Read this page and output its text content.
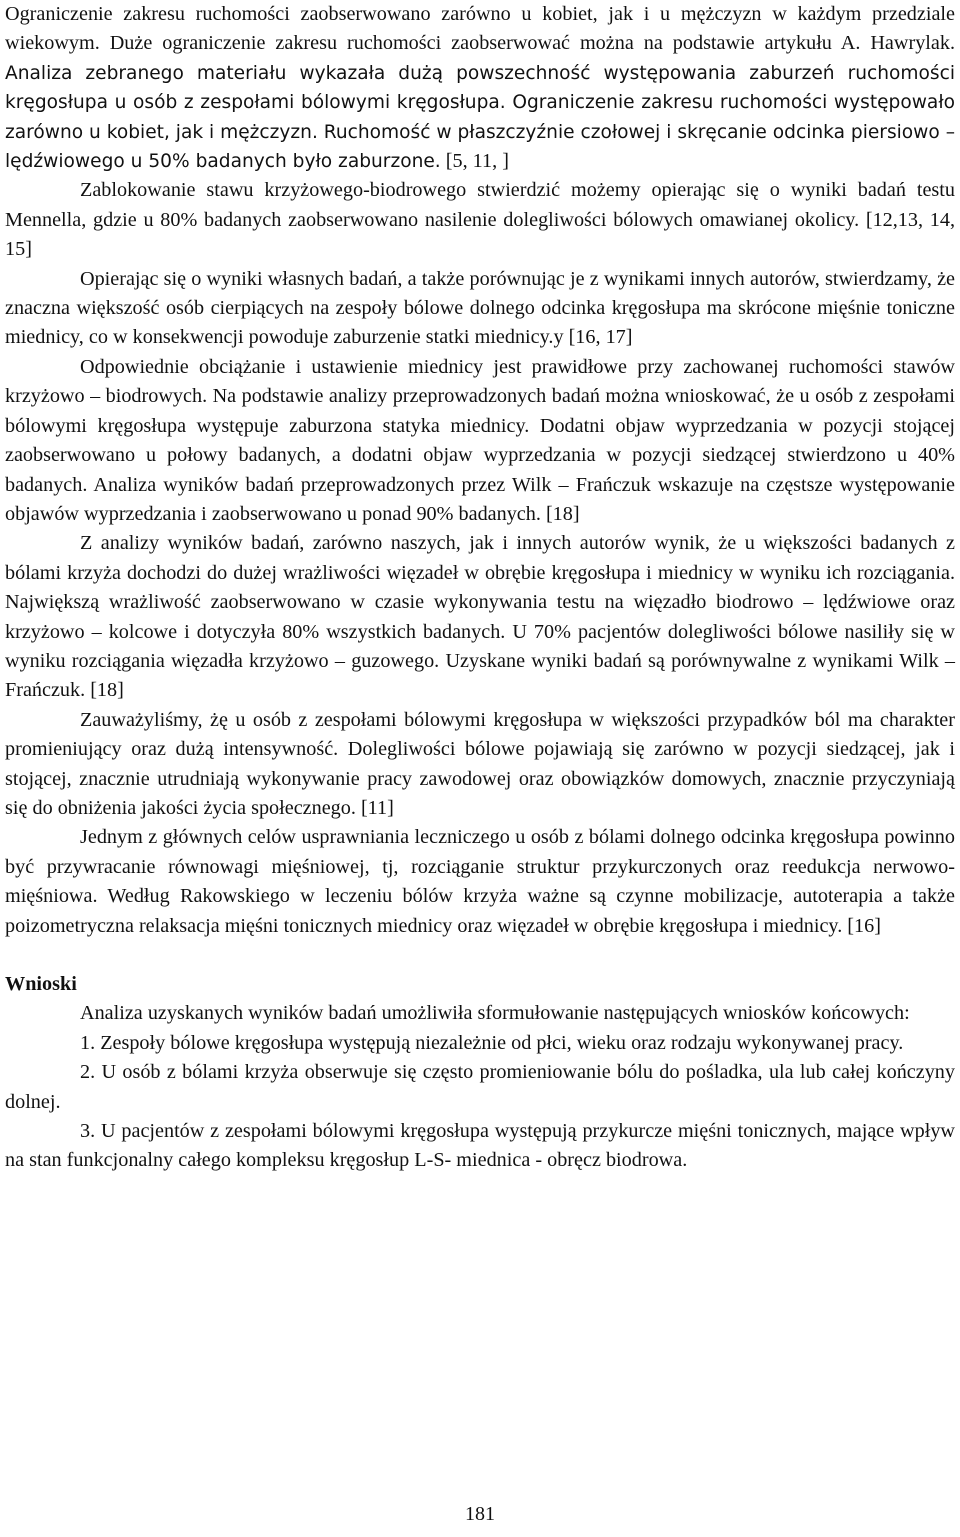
Ograniczenie zakresu ruchomości zaobserwowano zarówno u kobiet, jak i u mężczyzn w każdym przedziale wiekowym. Duże ograniczenie zakresu ruchomości zaobserwować można na podstawie artykułu A. Hawrylak. Analiza zebranego materiału wykazała dużą powszechność występowania zaburzeń ruchomości kręgosłupa u osób z zespołami bólowymi kręgosłupa. Ograniczenie zakresu ruchomości występowało zarówno u kobiet, jak i mężczyzn. Ruchomość w płaszczyźnie czołowej i skręcanie odcinka piersiowo – lędźwiowego u 50% badanych było zaburzone. [5, 11, ]

Zablokowanie stawu krzyżowego-biodrowego stwierdzić możemy opierając się o wyniki badań testu Mennella, gdzie u 80% badanych zaobserwowano nasilenie dolegliwości bólowych omawianej okolicy. [12,13, 14, 15]

Opierając się o wyniki własnych badań, a także porównując je z wynikami innych autorów, stwierdzamy, że znaczna większość osób cierpiących na zespoły bólowe dolnego odcinka kręgosłupa ma skrócone mięśnie toniczne miednicy, co w konsekwencji powoduje zaburzenie statki miednicy.y [16, 17]

Odpowiednie obciążanie i ustawienie miednicy jest prawidłowe przy zachowanej ruchomości stawów krzyżowo – biodrowych. Na podstawie analizy przeprowadzonych badań można wnioskować, że u osób z zespołami bólowymi kręgosłupa występuje zaburzona statyka miednicy. Dodatni objaw wyprzedzania w pozycji stojącej zaobserwowano u połowy badanych, a dodatni objaw wyprzedzania w pozycji siedzącej stwierdzono u 40% badanych. Analiza wyników badań przeprowadzonych przez Wilk – Frańczuk wskazuje na częstsze występowanie objawów wyprzedzania i zaobserwowano u ponad 90% badanych. [18]

Z analizy wyników badań, zarówno naszych, jak i innych autorów wynik, że u większości badanych z bólami krzyża dochodzi do dużej wrażliwości więzadeł w obrębie kręgosłupa i miednicy w wyniku ich rozciągania. Największą wrażliwość zaobserwowano w czasie wykonywania testu na więzadło biodrowo – lędźwiowe oraz krzyżowo – kolcowe i dotyczyła 80% wszystkich badanych. U 70% pacjentów dolegliwości bólowe nasiliły się w wyniku rozciągania więzadła krzyżowo – guzowego. Uzyskane wyniki badań są porównywalne z wynikami Wilk – Frańczuk. [18]

Zauważyliśmy, żę u osób z zespołami bólowymi kręgosłupa w większości przypadków ból ma charakter promieniujący oraz dużą intensywność. Dolegliwości bólowe pojawiają się zarówno w pozycji siedzącej, jak i stojącej, znacznie utrudniają wykonywanie pracy zawodowej oraz obowiązków domowych, znacznie przyczyniają się do obniżenia jakości życia społecznego. [11]

Jednym z głównych celów usprawniania leczniczego u osób z bólami dolnego odcinka kręgosłupa powinno być przywracanie równowagi mięśniowej, tj, rozciąganie struktur przykurczonych oraz reedukcja nerwowo-mięśniowa. Według Rakowskiego w leczeniu bólów krzyża ważne są czynne mobilizacje, autoterapia a także poizometryczna relaksacja mięśni tonicznych miednicy oraz więzadeł w obrębie kręgosłupa i miednicy. [16]

Wnioski

Analiza uzyskanych wyników badań umożliwiła sformułowanie następujących wniosków końcowych:

1. Zespoły bólowe kręgosłupa występują niezależnie od płci, wieku oraz rodzaju wykonywanej pracy.

2. U osób z bólami krzyża obserwuje się często promieniowanie bólu do pośladka, ula lub całej kończyny dolnej.

3. U pacjentów z zespołami bólowymi kręgosłupa występują przykurcze mięśni tonicznych, mające wpływ na stan funkcjonalny całego kompleksu kręgosłup L-S- miednica - obręcz biodrowa.

181
